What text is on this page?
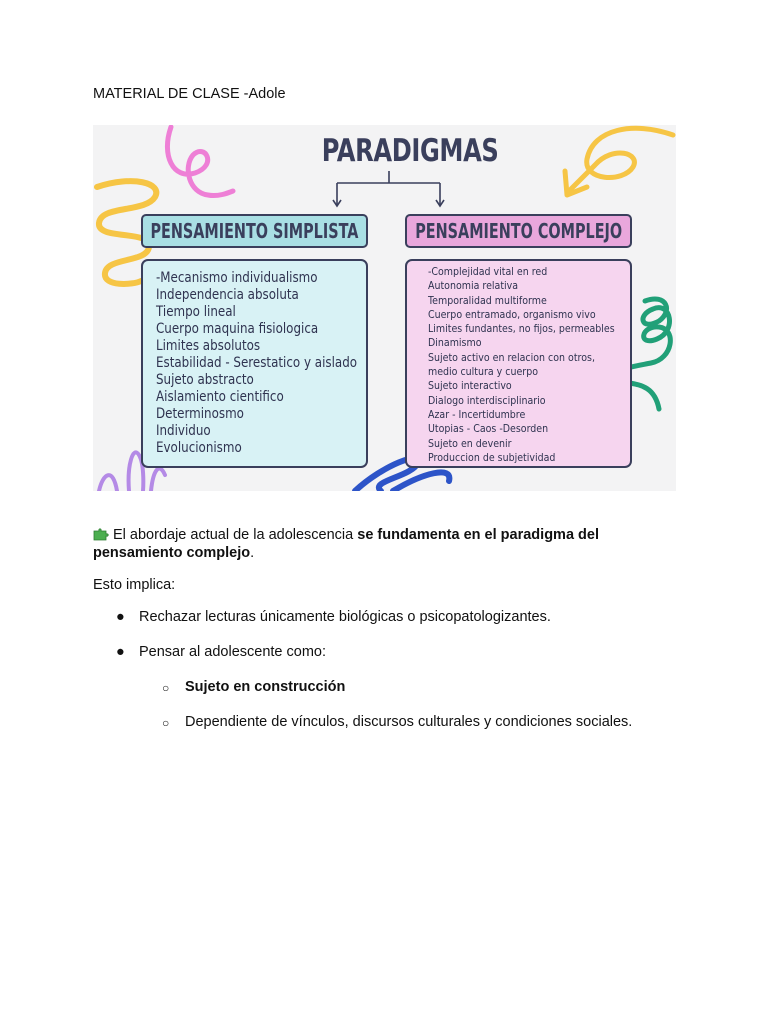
MATERIAL DE CLASE -Adole
PARADIGMAS
PENSAMIENTO SIMPLISTA	PENSAMIENTO COMPLEJO
-Mecanismo individualismo
Independencia absoluta
Tiempo lineal
Cuerpo maquina fisiologica
Limites absolutos
Estabilidad - Serestatico y aislado
Sujeto abstracto
Aislamiento cientifico
Determinosmo
Individuo
Evolucionismo
-Complejidad vital en red
Autonomia relativa
Temporalidad multiforme
Cuerpo entramado, organismo vivo
Limites fundantes, no fijos, permeables
Dinamismo
Sujeto activo en relacion con otros,
medio cultura y cuerpo
Sujeto interactivo
Dialogo interdisciplinario
Azar - Incertidumbre
Utopias - Caos -Desorden
Sujeto en devenir
Produccion de subjetividad

El abordaje actual de la adolescencia se fundamenta en el paradigma del pensamiento complejo.

Esto implica:

● Rechazar lecturas únicamente biológicas o psicopatologizantes.
● Pensar al adolescente como:
○ Sujeto en construcción
○ Dependiente de vínculos, discursos culturales y condiciones sociales.
